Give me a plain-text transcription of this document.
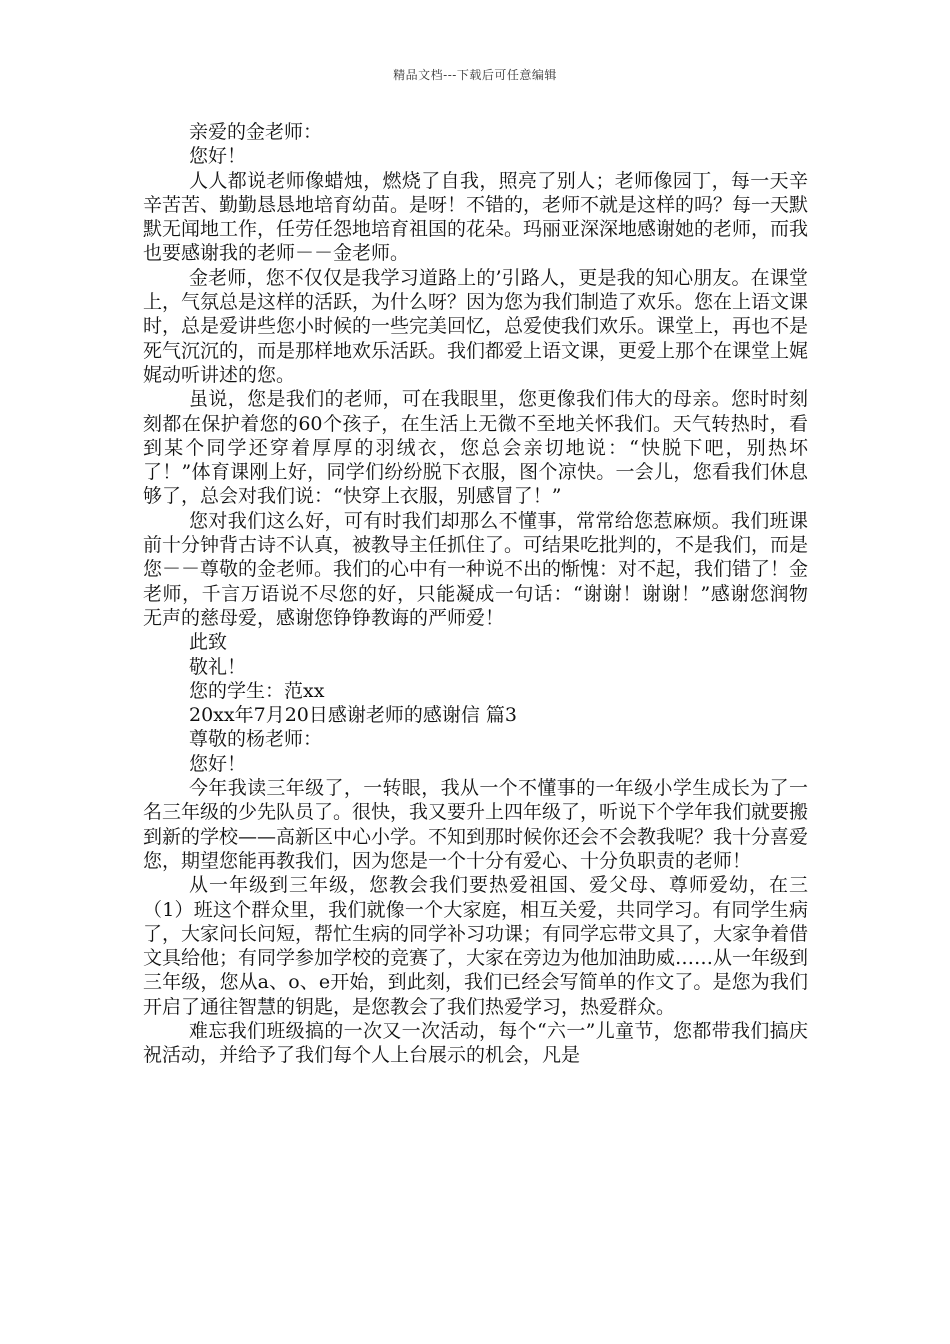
精品文档---下载后可任意编辑

亲爱的金老师：

您好！

人人都说老师像蜡烛，燃烧了自我，照亮了别人；老师像园丁，每一天辛辛苦苦、勤勤恳恳地培育幼苗。是呀！不错的，老师不就是这样的吗？每一天默默无闻地工作，任劳任怨地培育祖国的花朵。玛丽亚深深地感谢她的老师，而我也要感谢我的老师－－金老师。

金老师，您不仅仅是我学习道路上的’引路人，更是我的知心朋友。在课堂上，气氛总是这样的活跃，为什么呀？因为您为我们制造了欢乐。您在上语文课时，总是爱讲些您小时候的一些完美回忆，总爱使我们欢乐。课堂上，再也不是死气沉沉的，而是那样地欢乐活跃。我们都爱上语文课，更爱上那个在课堂上娓娓动听讲述的您。

虽说，您是我们的老师，可在我眼里，您更像我们伟大的母亲。您时时刻刻都在保护着您的60个孩子，在生活上无微不至地关怀我们。天气转热时，看到某个同学还穿着厚厚的羽绒衣，您总会亲切地说：“快脱下吧，别热坏了！”体育课刚上好，同学们纷纷脱下衣服，图个凉快。一会儿，您看我们休息够了，总会对我们说：“快穿上衣服，别感冒了！”

您对我们这么好，可有时我们却那么不懂事，常常给您惹麻烦。我们班课前十分钟背古诗不认真，被教导主任抓住了。可结果吃批判的，不是我们，而是您－－尊敬的金老师。我们的心中有一种说不出的惭愧：对不起，我们错了！金老师，千言万语说不尽您的好，只能凝成一句话：“谢谢！谢谢！”感谢您润物无声的慈母爱，感谢您铮铮教诲的严师爱！

此致

敬礼！

您的学生：范xx

20xx年7月20日感谢老师的感谢信 篇3

尊敬的杨老师：

您好！

今年我读三年级了，一转眼，我从一个不懂事的一年级小学生成长为了一名三年级的少先队员了。很快，我又要升上四年级了，听说下个学年我们就要搬到新的学校——高新区中心小学。不知到那时候你还会不会教我呢？我十分喜爱您，期望您能再教我们，因为您是一个十分有爱心、十分负职责的老师！

从一年级到三年级，您教会我们要热爱祖国、爱父母、尊师爱幼，在三（1）班这个群众里，我们就像一个大家庭，相互关爱，共同学习。有同学生病了，大家问长问短，帮忙生病的同学补习功课；有同学忘带文具了，大家争着借文具给他；有同学参加学校的竞赛了，大家在旁边为他加油助威……从一年级到三年级，您从a、o、e开始，到此刻，我们已经会写简单的作文了。是您为我们开启了通往智慧的钥匙，是您教会了我们热爱学习，热爱群众。

难忘我们班级搞的一次又一次活动，每个“六一”儿童节，您都带我们搞庆祝活动，并给予了我们每个人上台展示的机会，凡是
